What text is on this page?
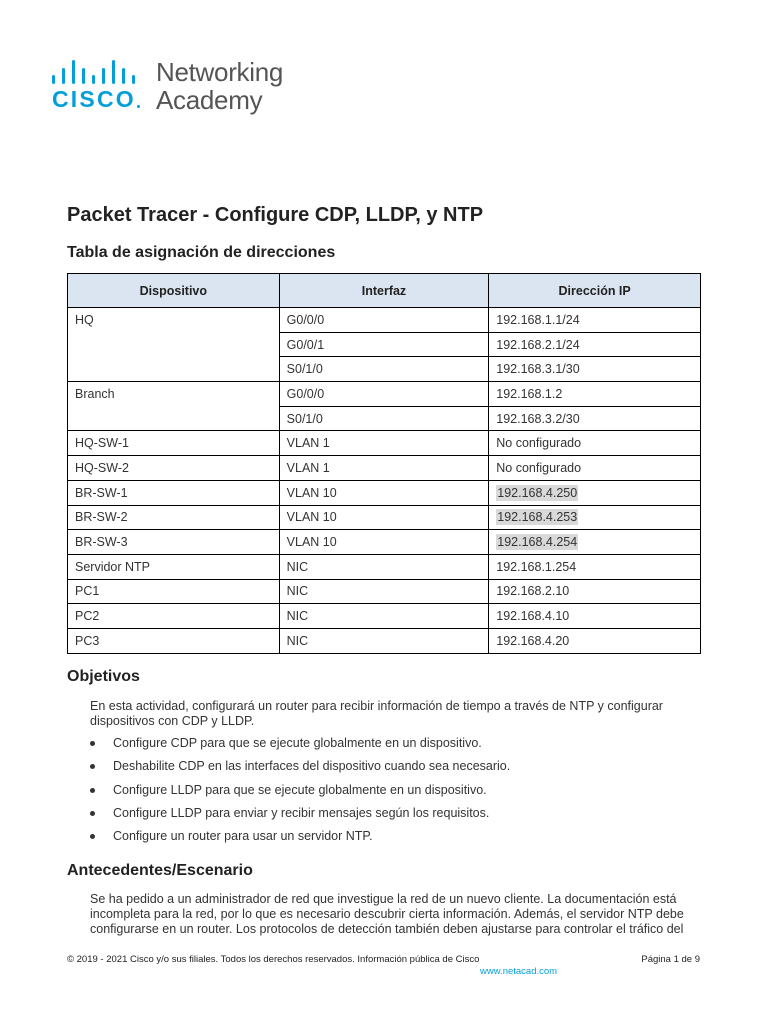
CISCO
Networking
Academy
Packet Tracer - Configure CDP, LLDP, y NTP
Tabla de asignación de direcciones
Dispositivo	Interfaz	Dirección IP
HQ	G0/0/0	192.168.1.1/24
	G0/0/1	192.168.2.1/24
	S0/1/0	192.168.3.1/30
Branch	G0/0/0	192.168.1.2
	S0/1/0	192.168.3.2/30
HQ-SW-1	VLAN 1	No configurado
HQ-SW-2	VLAN 1	No configurado
BR-SW-1	VLAN 10	192.168.4.250
BR-SW-2	VLAN 10	192.168.4.253
BR-SW-3	VLAN 10	192.168.4.254
Servidor NTP	NIC	192.168.1.254
PC1	NIC	192.168.2.10
PC2	NIC	192.168.4.10
PC3	NIC	192.168.4.20
Objetivos

En esta actividad, configurará un router para recibir información de tiempo a través de NTP y configurar dispositivos con CDP y LLDP.

Configure CDP para que se ejecute globalmente en un dispositivo.
Deshabilite CDP en las interfaces del dispositivo cuando sea necesario.
Configure LLDP para que se ejecute globalmente en un dispositivo.
Configure LLDP para enviar y recibir mensajes según los requisitos.
Configure un router para usar un servidor NTP.
Antecedentes/Escenario

Se ha pedido a un administrador de red que investigue la red de un nuevo cliente. La documentación está incompleta para la red, por lo que es necesario descubrir cierta información. Además, el servidor NTP debe configurarse en un router. Los protocolos de detección también deben ajustarse para controlar el tráfico del

© 2019 - 2021 Cisco y/o sus filiales. Todos los derechos reservados. Información pública de Cisco	Página 1 de 9
www.netacad.com
